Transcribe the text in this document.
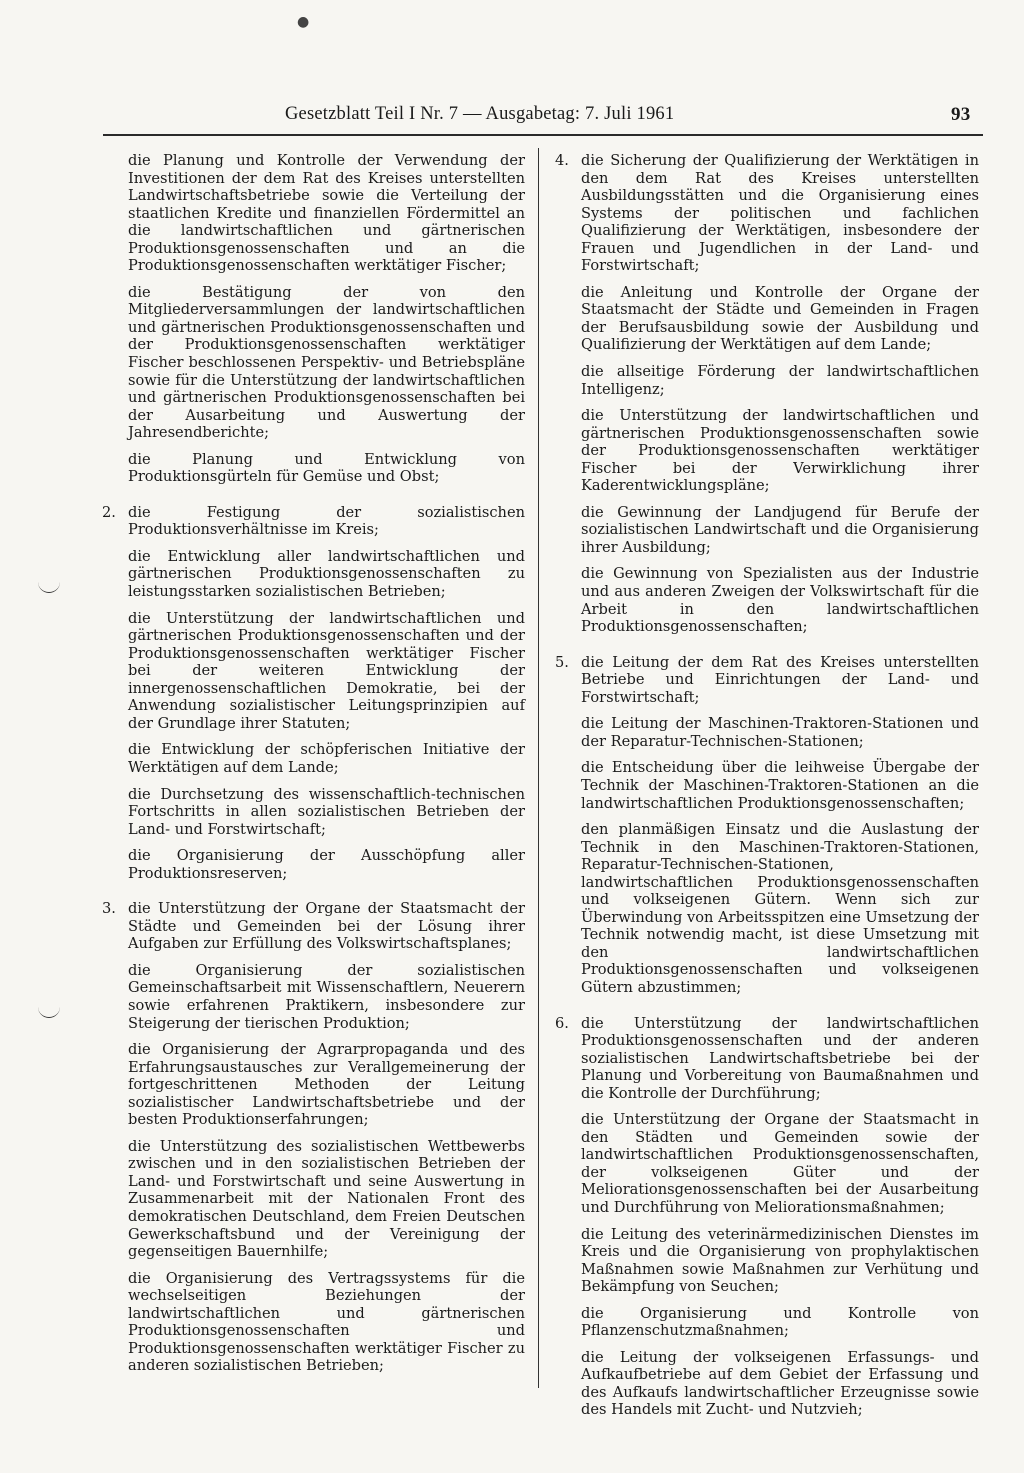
●
Gesetzblatt Teil I Nr. 7 — Ausgabetag: 7. Juli 1961	93

die Planung und Kontrolle der Verwendung der Investitionen der dem Rat des Kreises unterstellten Landwirtschaftsbetriebe sowie die Verteilung der staatlichen Kredite und finanziellen Fördermittel an die landwirtschaftlichen und gärtnerischen Produktionsgenossenschaften und an die Produktionsgenossenschaften werktätiger Fischer;

die Bestätigung der von den Mitgliederversammlungen der landwirtschaftlichen und gärtnerischen Produktionsgenossenschaften und der Produktionsgenossenschaften werktätiger Fischer beschlossenen Perspektiv- und Betriebspläne sowie für die Unterstützung der landwirtschaftlichen und gärtnerischen Produktionsgenossenschaften bei der Ausarbeitung und Auswertung der Jahresendberichte;

die Planung und Entwicklung von Produktionsgürteln für Gemüse und Obst;

2. die Festigung der sozialistischen Produktionsverhältnisse im Kreis;

die Entwicklung aller landwirtschaftlichen und gärtnerischen Produktionsgenossenschaften zu leistungsstarken sozialistischen Betrieben;

die Unterstützung der landwirtschaftlichen und gärtnerischen Produktionsgenossenschaften und der Produktionsgenossenschaften werktätiger Fischer bei der weiteren Entwicklung der innergenossenschaftlichen Demokratie, bei der Anwendung sozialistischer Leitungsprinzipien auf der Grundlage ihrer Statuten;

die Entwicklung der schöpferischen Initiative der Werktätigen auf dem Lande;

die Durchsetzung des wissenschaftlich-technischen Fortschritts in allen sozialistischen Betrieben der Land- und Forstwirtschaft;

die Organisierung der Ausschöpfung aller Produktionsreserven;

3. die Unterstützung der Organe der Staatsmacht der Städte und Gemeinden bei der Lösung ihrer Aufgaben zur Erfüllung des Volkswirtschaftsplanes;

die Organisierung der sozialistischen Gemeinschaftsarbeit mit Wissenschaftlern, Neuerern sowie erfahrenen Praktikern, insbesondere zur Steigerung der tierischen Produktion;

die Organisierung der Agrarpropaganda und des Erfahrungsaustausches zur Verallgemeinerung der fortgeschrittenen Methoden der Leitung sozialistischer Landwirtschaftsbetriebe und der besten Produktionserfahrungen;

die Unterstützung des sozialistischen Wettbewerbs zwischen und in den sozialistischen Betrieben der Land- und Forstwirtschaft und seine Auswertung in Zusammenarbeit mit der Nationalen Front des demokratischen Deutschland, dem Freien Deutschen Gewerkschaftsbund und der Vereinigung der gegenseitigen Bauernhilfe;

die Organisierung des Vertragssystems für die wechselseitigen Beziehungen der landwirtschaftlichen und gärtnerischen Produktionsgenossenschaften und Produktionsgenossenschaften werktätiger Fischer zu anderen sozialistischen Betrieben;

4. die Sicherung der Qualifizierung der Werktätigen in den dem Rat des Kreises unterstellten Ausbildungsstätten und die Organisierung eines Systems der politischen und fachlichen Qualifizierung der Werktätigen, insbesondere der Frauen und Jugendlichen in der Land- und Forstwirtschaft;

die Anleitung und Kontrolle der Organe der Staatsmacht der Städte und Gemeinden in Fragen der Berufsausbildung sowie der Ausbildung und Qualifizierung der Werktätigen auf dem Lande;

die allseitige Förderung der landwirtschaftlichen Intelligenz;

die Unterstützung der landwirtschaftlichen und gärtnerischen Produktionsgenossenschaften sowie der Produktionsgenossenschaften werktätiger Fischer bei der Verwirklichung ihrer Kaderentwicklungspläne;

die Gewinnung der Landjugend für Berufe der sozialistischen Landwirtschaft und die Organisierung ihrer Ausbildung;

die Gewinnung von Spezialisten aus der Industrie und aus anderen Zweigen der Volkswirtschaft für die Arbeit in den landwirtschaftlichen Produktionsgenossenschaften;

5. die Leitung der dem Rat des Kreises unterstellten Betriebe und Einrichtungen der Land- und Forstwirtschaft;

die Leitung der Maschinen-Traktoren-Stationen und der Reparatur-Technischen-Stationen;

die Entscheidung über die leihweise Übergabe der Technik der Maschinen-Traktoren-Stationen an die landwirtschaftlichen Produktionsgenossenschaften;

den planmäßigen Einsatz und die Auslastung der Technik in den Maschinen-Traktoren-Stationen, Reparatur-Technischen-Stationen, landwirtschaftlichen Produktionsgenossenschaften und volkseigenen Gütern. Wenn sich zur Überwindung von Arbeitsspitzen eine Umsetzung der Technik notwendig macht, ist diese Umsetzung mit den landwirtschaftlichen Produktionsgenossenschaften und volkseigenen Gütern abzustimmen;

6. die Unterstützung der landwirtschaftlichen Produktionsgenossenschaften und der anderen sozialistischen Landwirtschaftsbetriebe bei der Planung und Vorbereitung von Baumaßnahmen und die Kontrolle der Durchführung;

die Unterstützung der Organe der Staatsmacht in den Städten und Gemeinden sowie der landwirtschaftlichen Produktionsgenossenschaften, der volkseigenen Güter und der Meliorationsgenossenschaften bei der Ausarbeitung und Durchführung von Meliorationsmaßnahmen;

die Leitung des veterinärmedizinischen Dienstes im Kreis und die Organisierung von prophylaktischen Maßnahmen sowie Maßnahmen zur Verhütung und Bekämpfung von Seuchen;

die Organisierung und Kontrolle von Pflanzenschutzmaßnahmen;

die Leitung der volkseigenen Erfassungs- und Aufkaufbetriebe auf dem Gebiet der Erfassung und des Aufkaufs landwirtschaftlicher Erzeugnisse sowie des Handels mit Zucht- und Nutzvieh;
